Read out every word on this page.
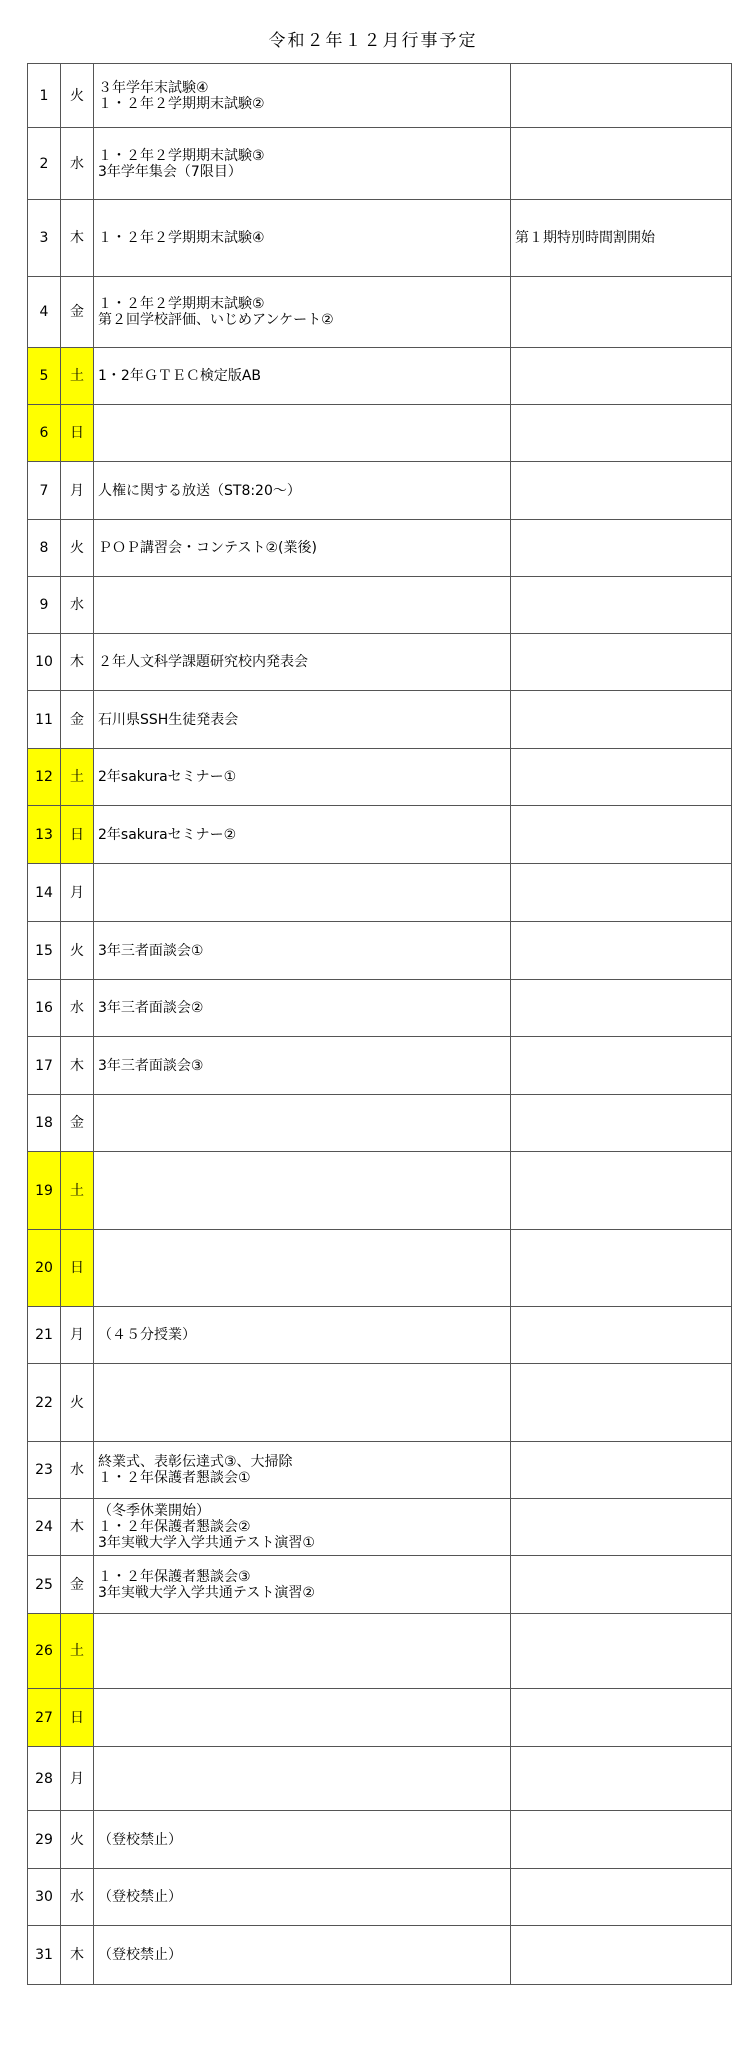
令和２年１２月行事予定
1	火	３年学年末試験④
１・２年２学期期末試験②	
2	水	１・２年２学期期末試験③
3年学年集会（7限目）	
3	木	１・２年２学期期末試験④	第１期特別時間割開始
4	金	１・２年２学期期末試験⑤
第２回学校評価、いじめアンケート②	
5	土	1・2年ＧＴＥＣ検定版AB	
6	日		
7	月	人権に関する放送（ST8:20～）	
8	火	ＰＯＰ講習会・コンテスト②(業後)	
9	水		
10	木	２年人文科学課題研究校内発表会	
11	金	石川県SSH生徒発表会	
12	土	2年sakuraセミナー①	
13	日	2年sakuraセミナー②	
14	月		
15	火	3年三者面談会①	
16	水	3年三者面談会②	
17	木	3年三者面談会③	
18	金		
19	土		
20	日		
21	月	（４５分授業）	
22	火		
23	水	終業式、表彰伝達式③、大掃除
１・２年保護者懇談会①	
24	木	（冬季休業開始）
１・２年保護者懇談会②
3年実戦大学入学共通テスト演習①	
25	金	１・２年保護者懇談会③
3年実戦大学入学共通テスト演習②	
26	土		
27	日		
28	月		
29	火	（登校禁止）	
30	水	（登校禁止）	
31	木	（登校禁止）	
